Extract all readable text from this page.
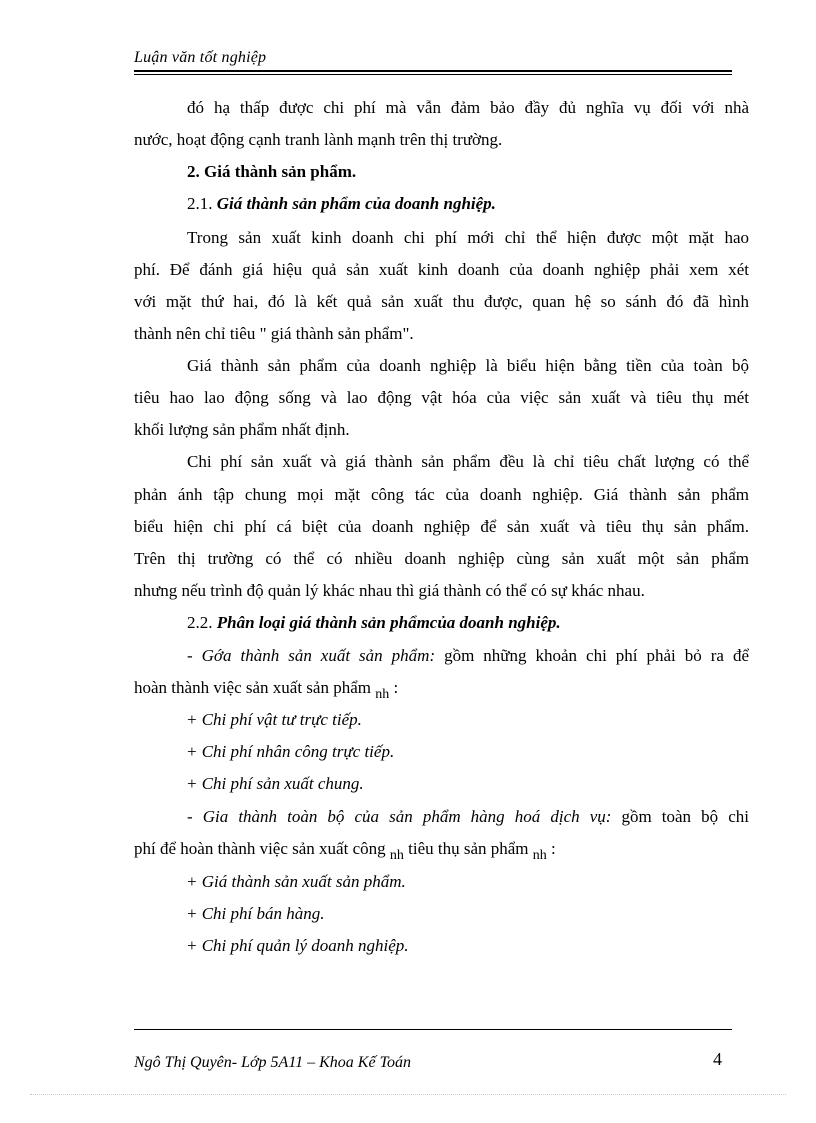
Luận văn tốt nghiệp
đó hạ thấp được chi phí mà vẫn đảm bảo đầy đủ nghĩa vụ đối với nhà
nước, hoạt động cạnh tranh lành mạnh trên thị trường.
2. Giá thành sản phẩm.
2.1. Giá thành sản phẩm của doanh nghiệp.
Trong sản xuất kinh doanh chi phí mới chỉ thể hiện được một mặt hao
phí. Để đánh giá hiệu quả sản xuất kinh doanh của doanh nghiệp phải xem xét
với mặt thứ hai, đó là kết quả sản xuất thu được, quan hệ so sánh đó đã hình
thành nên chỉ tiêu " giá thành sản phẩm".
Giá thành sản phẩm của doanh nghiệp là biểu hiện bằng tiền của toàn bộ
tiêu hao lao động sống và lao động vật hóa của việc sản xuất và tiêu thụ mét
khối lượng sản phẩm nhất định.
Chi phí sản xuất và giá thành sản phẩm đều là chỉ tiêu chất lượng có thể
phản ánh tập chung mọi mặt công tác của doanh nghiệp. Giá thành sản phẩm
biểu hiện chi phí cá biệt của doanh nghiệp để sản xuất và tiêu thụ sản phẩm.
Trên thị trường có thể có nhiều doanh nghiệp cùng sản xuất một sản phẩm
nhưng nếu trình độ quản lý khác nhau thì giá thành có thể có sự khác nhau.
2.2. Phân loại giá thành sản phẩmcủa doanh nghiệp.
- Gớa thành sản xuất sản phẩm: gồm những khoản chi phí phải bỏ ra để
hoàn thành việc sản xuất sản phẩm $_{nh}$ :
+ Chi phí vật tư trực tiếp.
+ Chi phí nhân công trực tiếp.
+ Chi phí sản xuất chung.
- Gia thành toàn bộ của sản phẩm hàng hoá dịch vụ: gồm toàn bộ chi
phí để hoàn thành việc sản xuất công $_{nh}$ tiêu thụ sản phẩm $_{nh}$ :
+ Giá thành sản xuất sản phẩm.
+ Chi phí bán hàng.
+ Chi phí quản lý doanh nghiệp.
Ngô Thị Quyên- Lớp 5A11 – Khoa Kế Toán	4
